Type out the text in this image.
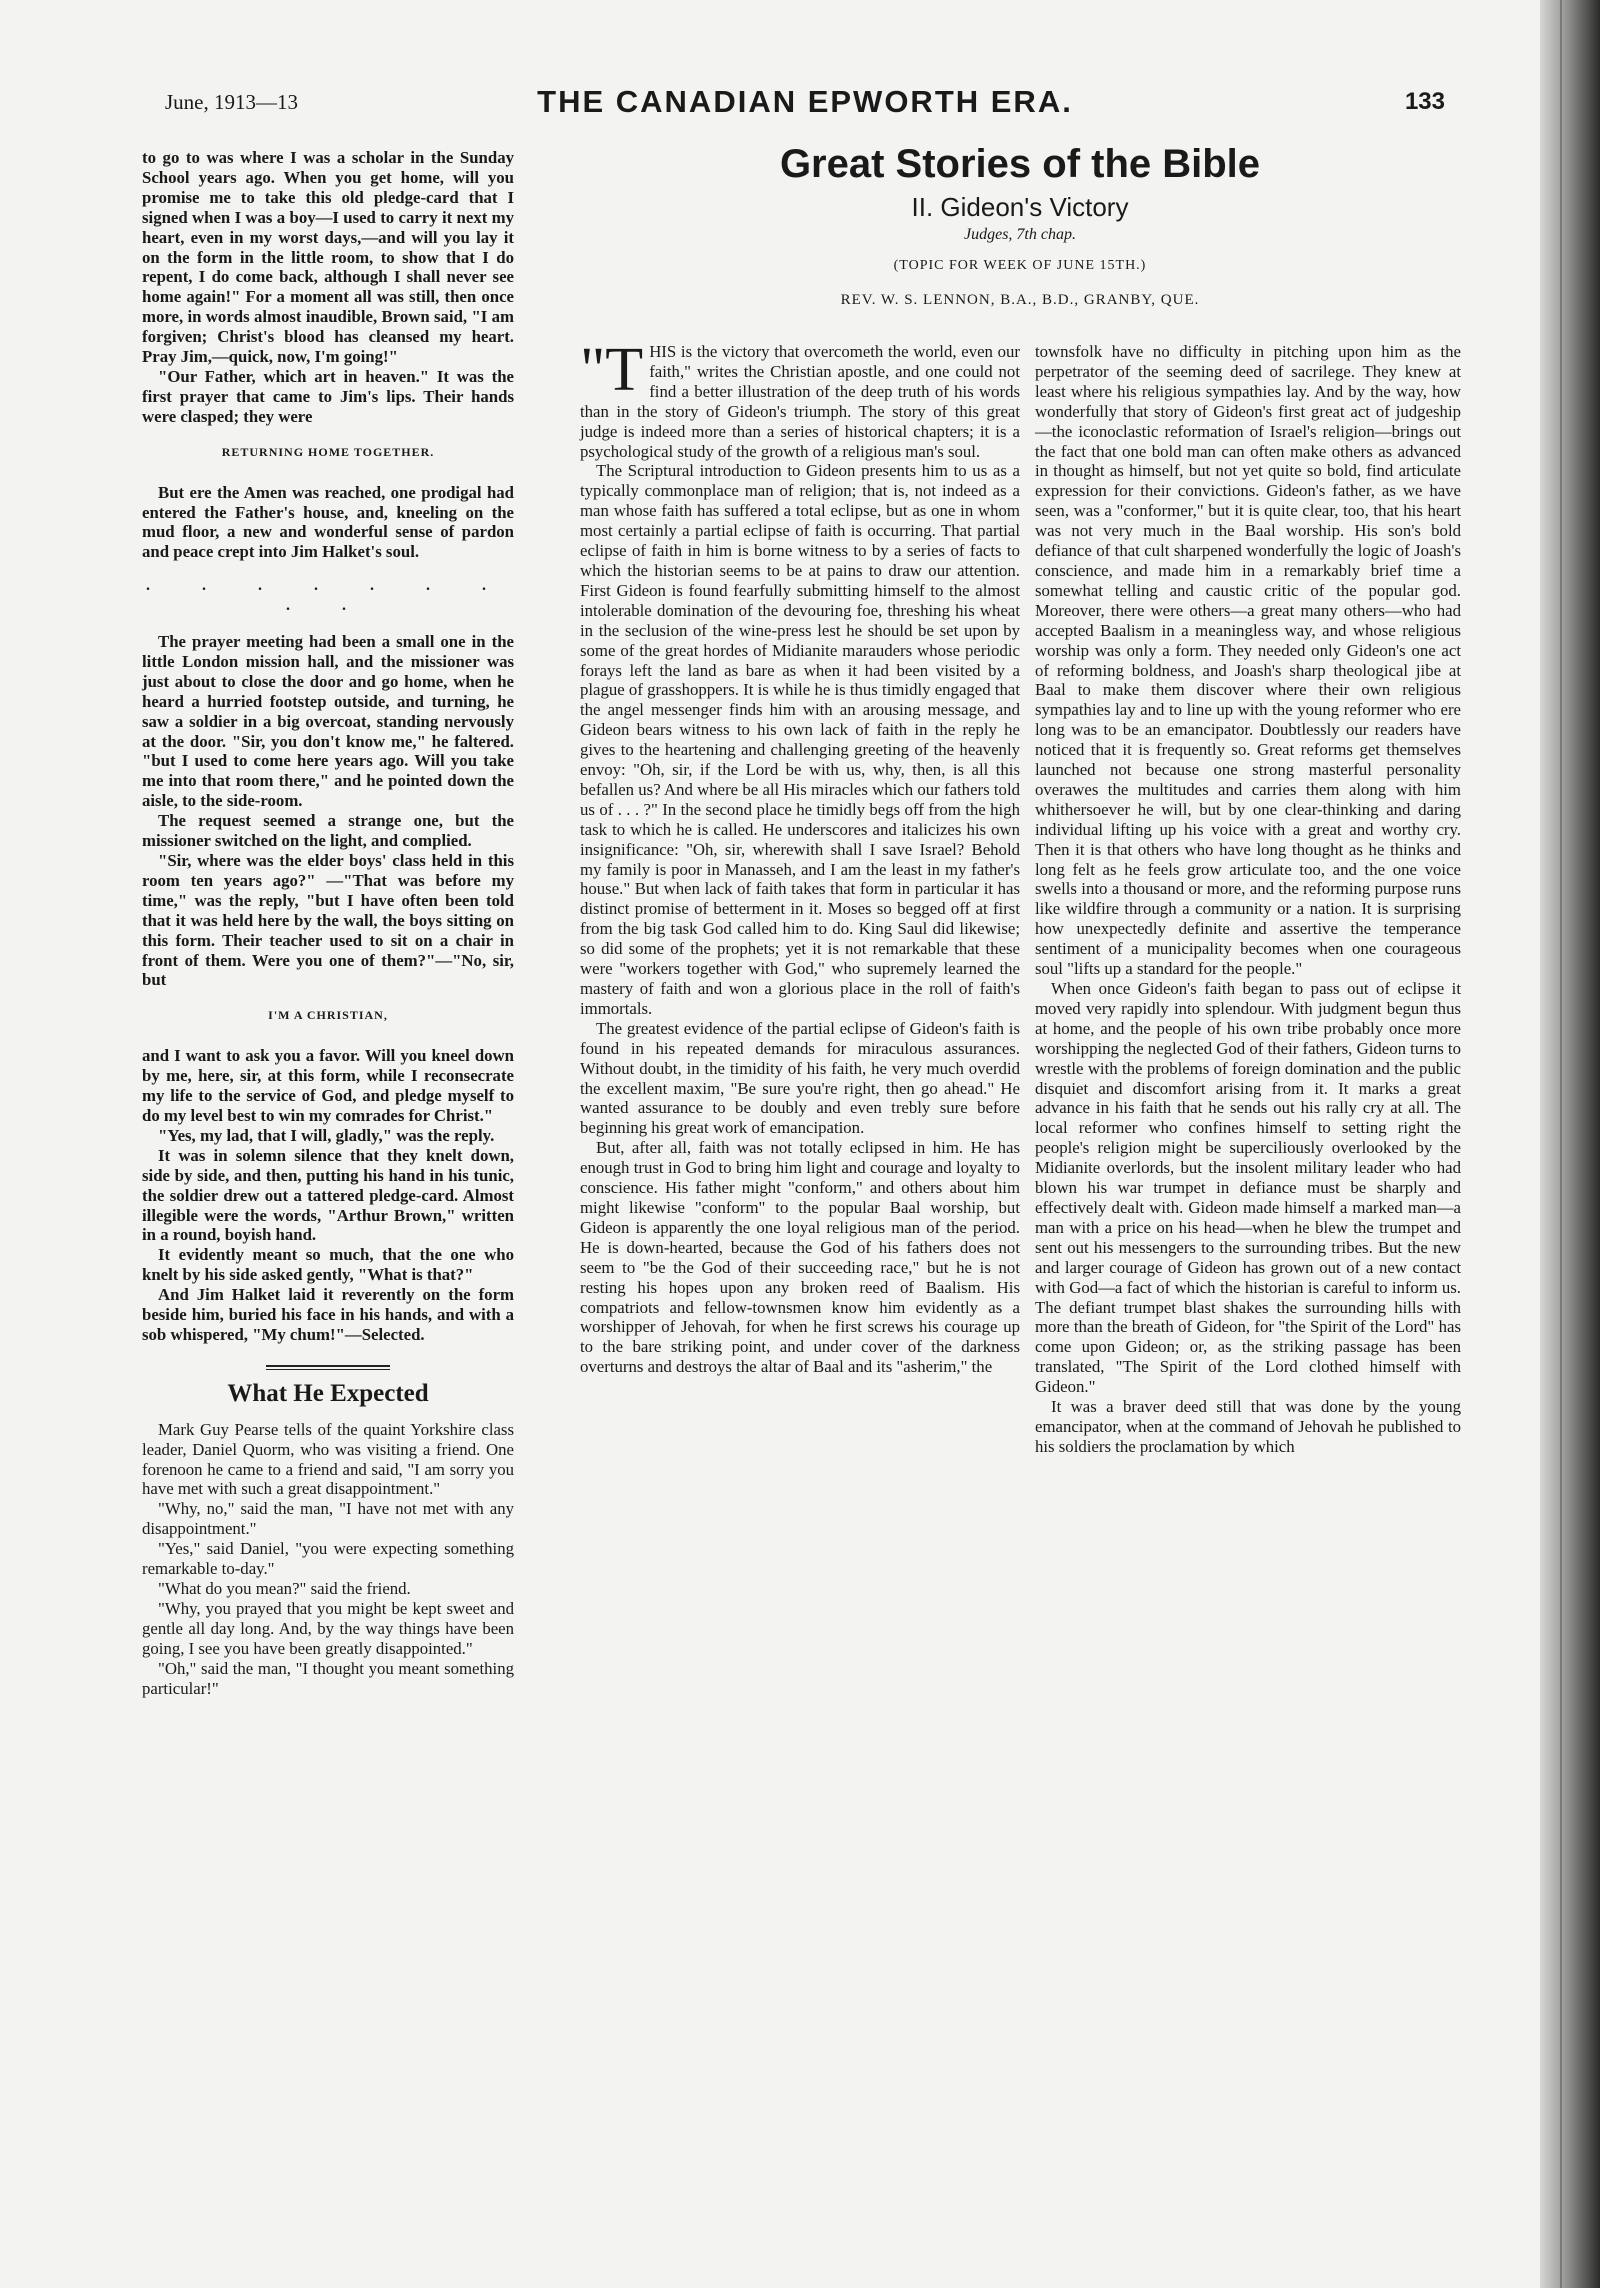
June, 1913—13	THE CANADIAN EPWORTH ERA.	133

to go to was where I was a scholar in the Sunday School years ago. When you get home, will you promise me to take this old pledge-card that I signed when I was a boy—I used to carry it next my heart, even in my worst days,—and will you lay it on the form in the little room, to show that I do repent, I do come back, although I shall never see home again!" For a moment all was still, then once more, in words almost inaudible, Brown said, "I am forgiven; Christ's blood has cleansed my heart. Pray Jim,—quick, now, I'm going!"

"Our Father, which art in heaven." It was the first prayer that came to Jim's lips. Their hands were clasped; they were

RETURNING HOME TOGETHER.

But ere the Amen was reached, one prodigal had entered the Father's house, and, kneeling on the mud floor, a new and wonderful sense of pardon and peace crept into Jim Halket's soul.

. . . . . . . . .

The prayer meeting had been a small one in the little London mission hall, and the missioner was just about to close the door and go home, when he heard a hurried footstep outside, and turning, he saw a soldier in a big overcoat, standing nervously at the door. "Sir, you don't know me," he faltered. "but I used to come here years ago. Will you take me into that room there," and he pointed down the aisle, to the side-room.

The request seemed a strange one, but the missioner switched on the light, and complied.

"Sir, where was the elder boys' class held in this room ten years ago?" —"That was before my time," was the reply, "but I have often been told that it was held here by the wall, the boys sitting on this form. Their teacher used to sit on a chair in front of them. Were you one of them?"—"No, sir, but

I'M A CHRISTIAN,

and I want to ask you a favor. Will you kneel down by me, here, sir, at this form, while I reconsecrate my life to the service of God, and pledge myself to do my level best to win my comrades for Christ."

"Yes, my lad, that I will, gladly," was the reply.

It was in solemn silence that they knelt down, side by side, and then, putting his hand in his tunic, the soldier drew out a tattered pledge-card. Almost illegible were the words, "Arthur Brown," written in a round, boyish hand.

It evidently meant so much, that the one who knelt by his side asked gently, "What is that?"

And Jim Halket laid it reverently on the form beside him, buried his face in his hands, and with a sob whispered, "My chum!"—Selected.

What He Expected

Mark Guy Pearse tells of the quaint Yorkshire class leader, Daniel Quorm, who was visiting a friend. One forenoon he came to a friend and said, "I am sorry you have met with such a great disappointment."

"Why, no," said the man, "I have not met with any disappointment."

"Yes," said Daniel, "you were expecting something remarkable to-day."

"What do you mean?" said the friend.

"Why, you prayed that you might be kept sweet and gentle all day long. And, by the way things have been going, I see you have been greatly disappointed."

"Oh," said the man, "I thought you meant something particular!"

Great Stories of the Bible
II. Gideon's Victory
Judges, 7th chap.
(TOPIC FOR WEEK OF JUNE 15TH.)
REV. W. S. LENNON, B.A., B.D., GRANBY, QUE.

"THIS is the victory that overcometh the world, even our faith," writes the Christian apostle, and one could not find a better illustration of the deep truth of his words than in the story of Gideon's triumph. The story of this great judge is indeed more than a series of historical chapters; it is a psychological study of the growth of a religious man's soul.

The Scriptural introduction to Gideon presents him to us as a typically commonplace man of religion; that is, not indeed as a man whose faith has suffered a total eclipse, but as one in whom most certainly a partial eclipse of faith is occurring. That partial eclipse of faith in him is borne witness to by a series of facts to which the historian seems to be at pains to draw our attention. First Gideon is found fearfully submitting himself to the almost intolerable domination of the devouring foe, threshing his wheat in the seclusion of the wine-press lest he should be set upon by some of the great hordes of Midianite marauders whose periodic forays left the land as bare as when it had been visited by a plague of grasshoppers. It is while he is thus timidly engaged that the angel messenger finds him with an arousing message, and Gideon bears witness to his own lack of faith in the reply he gives to the heartening and challenging greeting of the heavenly envoy: "Oh, sir, if the Lord be with us, why, then, is all this befallen us? And where be all His miracles which our fathers told us of . . . ?" In the second place he timidly begs off from the high task to which he is called. He underscores and italicizes his own insignificance: "Oh, sir, wherewith shall I save Israel? Behold my family is poor in Manasseh, and I am the least in my father's house." But when lack of faith takes that form in particular it has distinct promise of betterment in it. Moses so begged off at first from the big task God called him to do. King Saul did likewise; so did some of the prophets; yet it is not remarkable that these were "workers together with God," who supremely learned the mastery of faith and won a glorious place in the roll of faith's immortals.

The greatest evidence of the partial eclipse of Gideon's faith is found in his repeated demands for miraculous assurances. Without doubt, in the timidity of his faith, he very much overdid the excellent maxim, "Be sure you're right, then go ahead." He wanted assurance to be doubly and even trebly sure before beginning his great work of emancipation.

But, after all, faith was not totally eclipsed in him. He has enough trust in God to bring him light and courage and loyalty to conscience. His father might "conform," and others about him might likewise "conform" to the popular Baal worship, but Gideon is apparently the one loyal religious man of the period. He is down-hearted, because the God of his fathers does not seem to "be the God of their succeeding race," but he is not resting his hopes upon any broken reed of Baalism. His compatriots and fellow-townsmen know him evidently as a worshipper of Jehovah, for when he first screws his courage up to the bare striking point, and under cover of the darkness overturns and destroys the altar of Baal and its "asherim," the

townsfolk have no difficulty in pitching upon him as the perpetrator of the seeming deed of sacrilege. They knew at least where his religious sympathies lay. And by the way, how wonderfully that story of Gideon's first great act of judgeship—the iconoclastic reformation of Israel's religion—brings out the fact that one bold man can often make others as advanced in thought as himself, but not yet quite so bold, find articulate expression for their convictions. Gideon's father, as we have seen, was a "conformer," but it is quite clear, too, that his heart was not very much in the Baal worship. His son's bold defiance of that cult sharpened wonderfully the logic of Joash's conscience, and made him in a remarkably brief time a somewhat telling and caustic critic of the popular god. Moreover, there were others—a great many others—who had accepted Baalism in a meaningless way, and whose religious worship was only a form. They needed only Gideon's one act of reforming boldness, and Joash's sharp theological jibe at Baal to make them discover where their own religious sympathies lay and to line up with the young reformer who ere long was to be an emancipator. Doubtlessly our readers have noticed that it is frequently so. Great reforms get themselves launched not because one strong masterful personality overawes the multitudes and carries them along with him whithersoever he will, but by one clear-thinking and daring individual lifting up his voice with a great and worthy cry. Then it is that others who have long thought as he thinks and long felt as he feels grow articulate too, and the one voice swells into a thousand or more, and the reforming purpose runs like wildfire through a community or a nation. It is surprising how unexpectedly definite and assertive the temperance sentiment of a municipality becomes when one courageous soul "lifts up a standard for the people."

When once Gideon's faith began to pass out of eclipse it moved very rapidly into splendour. With judgment begun thus at home, and the people of his own tribe probably once more worshipping the neglected God of their fathers, Gideon turns to wrestle with the problems of foreign domination and the public disquiet and discomfort arising from it. It marks a great advance in his faith that he sends out his rally cry at all. The local reformer who confines himself to setting right the people's religion might be superciliously overlooked by the Midianite overlords, but the insolent military leader who had blown his war trumpet in defiance must be sharply and effectively dealt with. Gideon made himself a marked man—a man with a price on his head—when he blew the trumpet and sent out his messengers to the surrounding tribes. But the new and larger courage of Gideon has grown out of a new contact with God—a fact of which the historian is careful to inform us. The defiant trumpet blast shakes the surrounding hills with more than the breath of Gideon, for "the Spirit of the Lord" has come upon Gideon; or, as the striking passage has been translated, "The Spirit of the Lord clothed himself with Gideon."

It was a braver deed still that was done by the young emancipator, when at the command of Jehovah he published to his soldiers the proclamation by which
